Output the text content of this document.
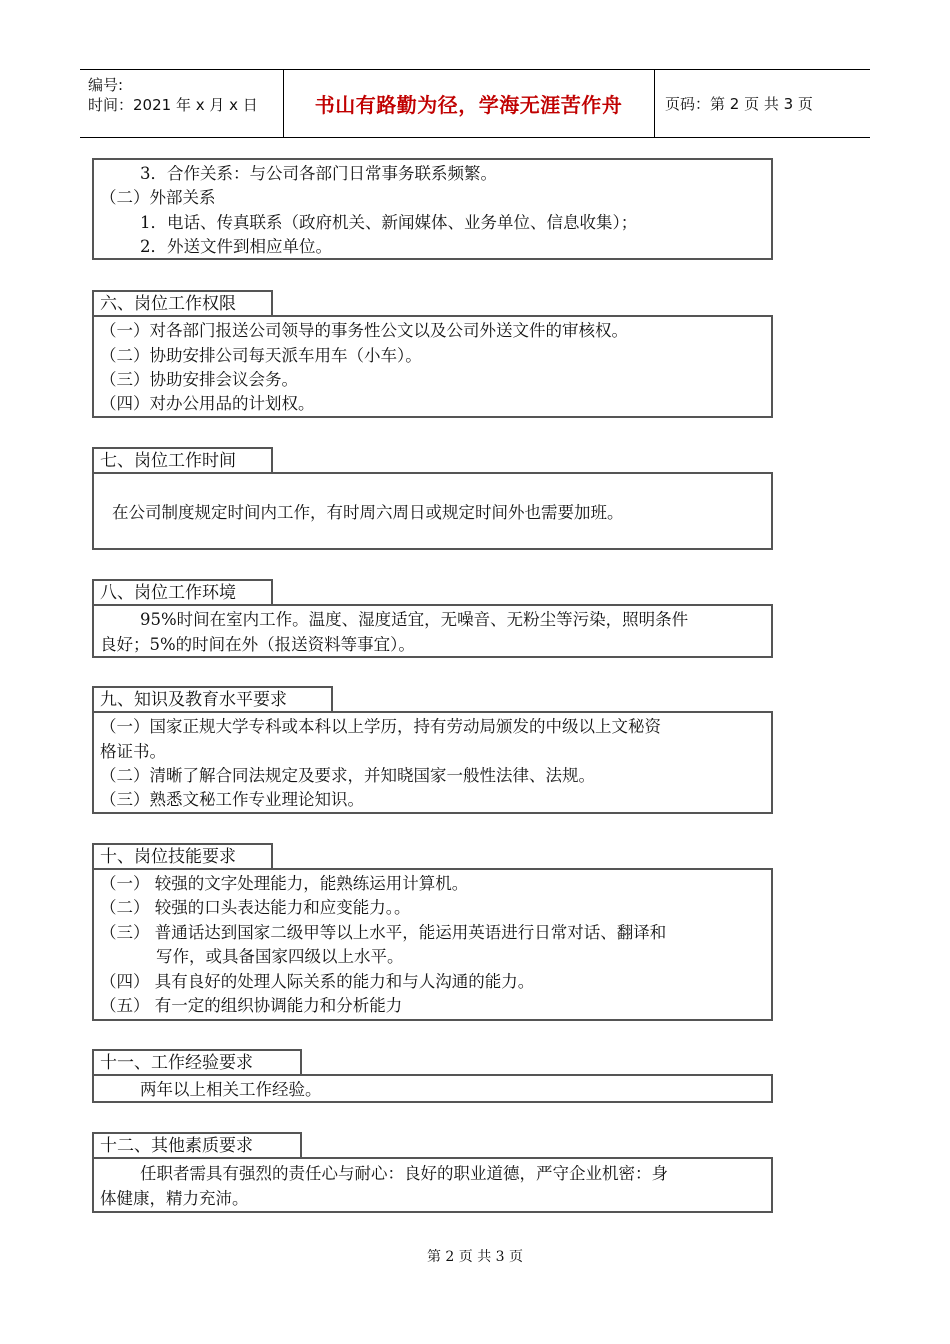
编号:
时间：2021 年 x 月 x 日	书山有路勤为径，学海无涯苦作舟	页码：第 2 页 共 3 页
3．合作关系：与公司各部门日常事务联系频繁。
（二）外部关系
1．电话、传真联系（政府机关、新闻媒体、业务单位、信息收集）；
2．外送文件到相应单位。
六、岗位工作权限
（一）对各部门报送公司领导的事务性公文以及公司外送文件的审核权。
（二）协助安排公司每天派车用车（小车）。
（三）协助安排会议会务。
（四）对办公用品的计划权。
七、岗位工作时间
在公司制度规定时间内工作，有时周六周日或规定时间外也需要加班。
八、岗位工作环境
95%时间在室内工作。温度、湿度适宜，无噪音、无粉尘等污染，照明条件
良好；5%的时间在外（报送资料等事宜）。
九、知识及教育水平要求
（一）国家正规大学专科或本科以上学历，持有劳动局颁发的中级以上文秘资
格证书。
（二）清晰了解合同法规定及要求，并知晓国家一般性法律、法规。
（三）熟悉文秘工作专业理论知识。
十、岗位技能要求
（一） 较强的文字处理能力，能熟练运用计算机。
（二） 较强的口头表达能力和应变能力。。
（三） 普通话达到国家二级甲等以上水平，能运用英语进行日常对话、翻译和
写作，或具备国家四级以上水平。
（四） 具有良好的处理人际关系的能力和与人沟通的能力。
（五） 有一定的组织协调能力和分析能力
十一、工作经验要求
两年以上相关工作经验。
十二、其他素质要求
任职者需具有强烈的责任心与耐心：良好的职业道德，严守企业机密：身
体健康，精力充沛。
第 2 页 共 3 页
